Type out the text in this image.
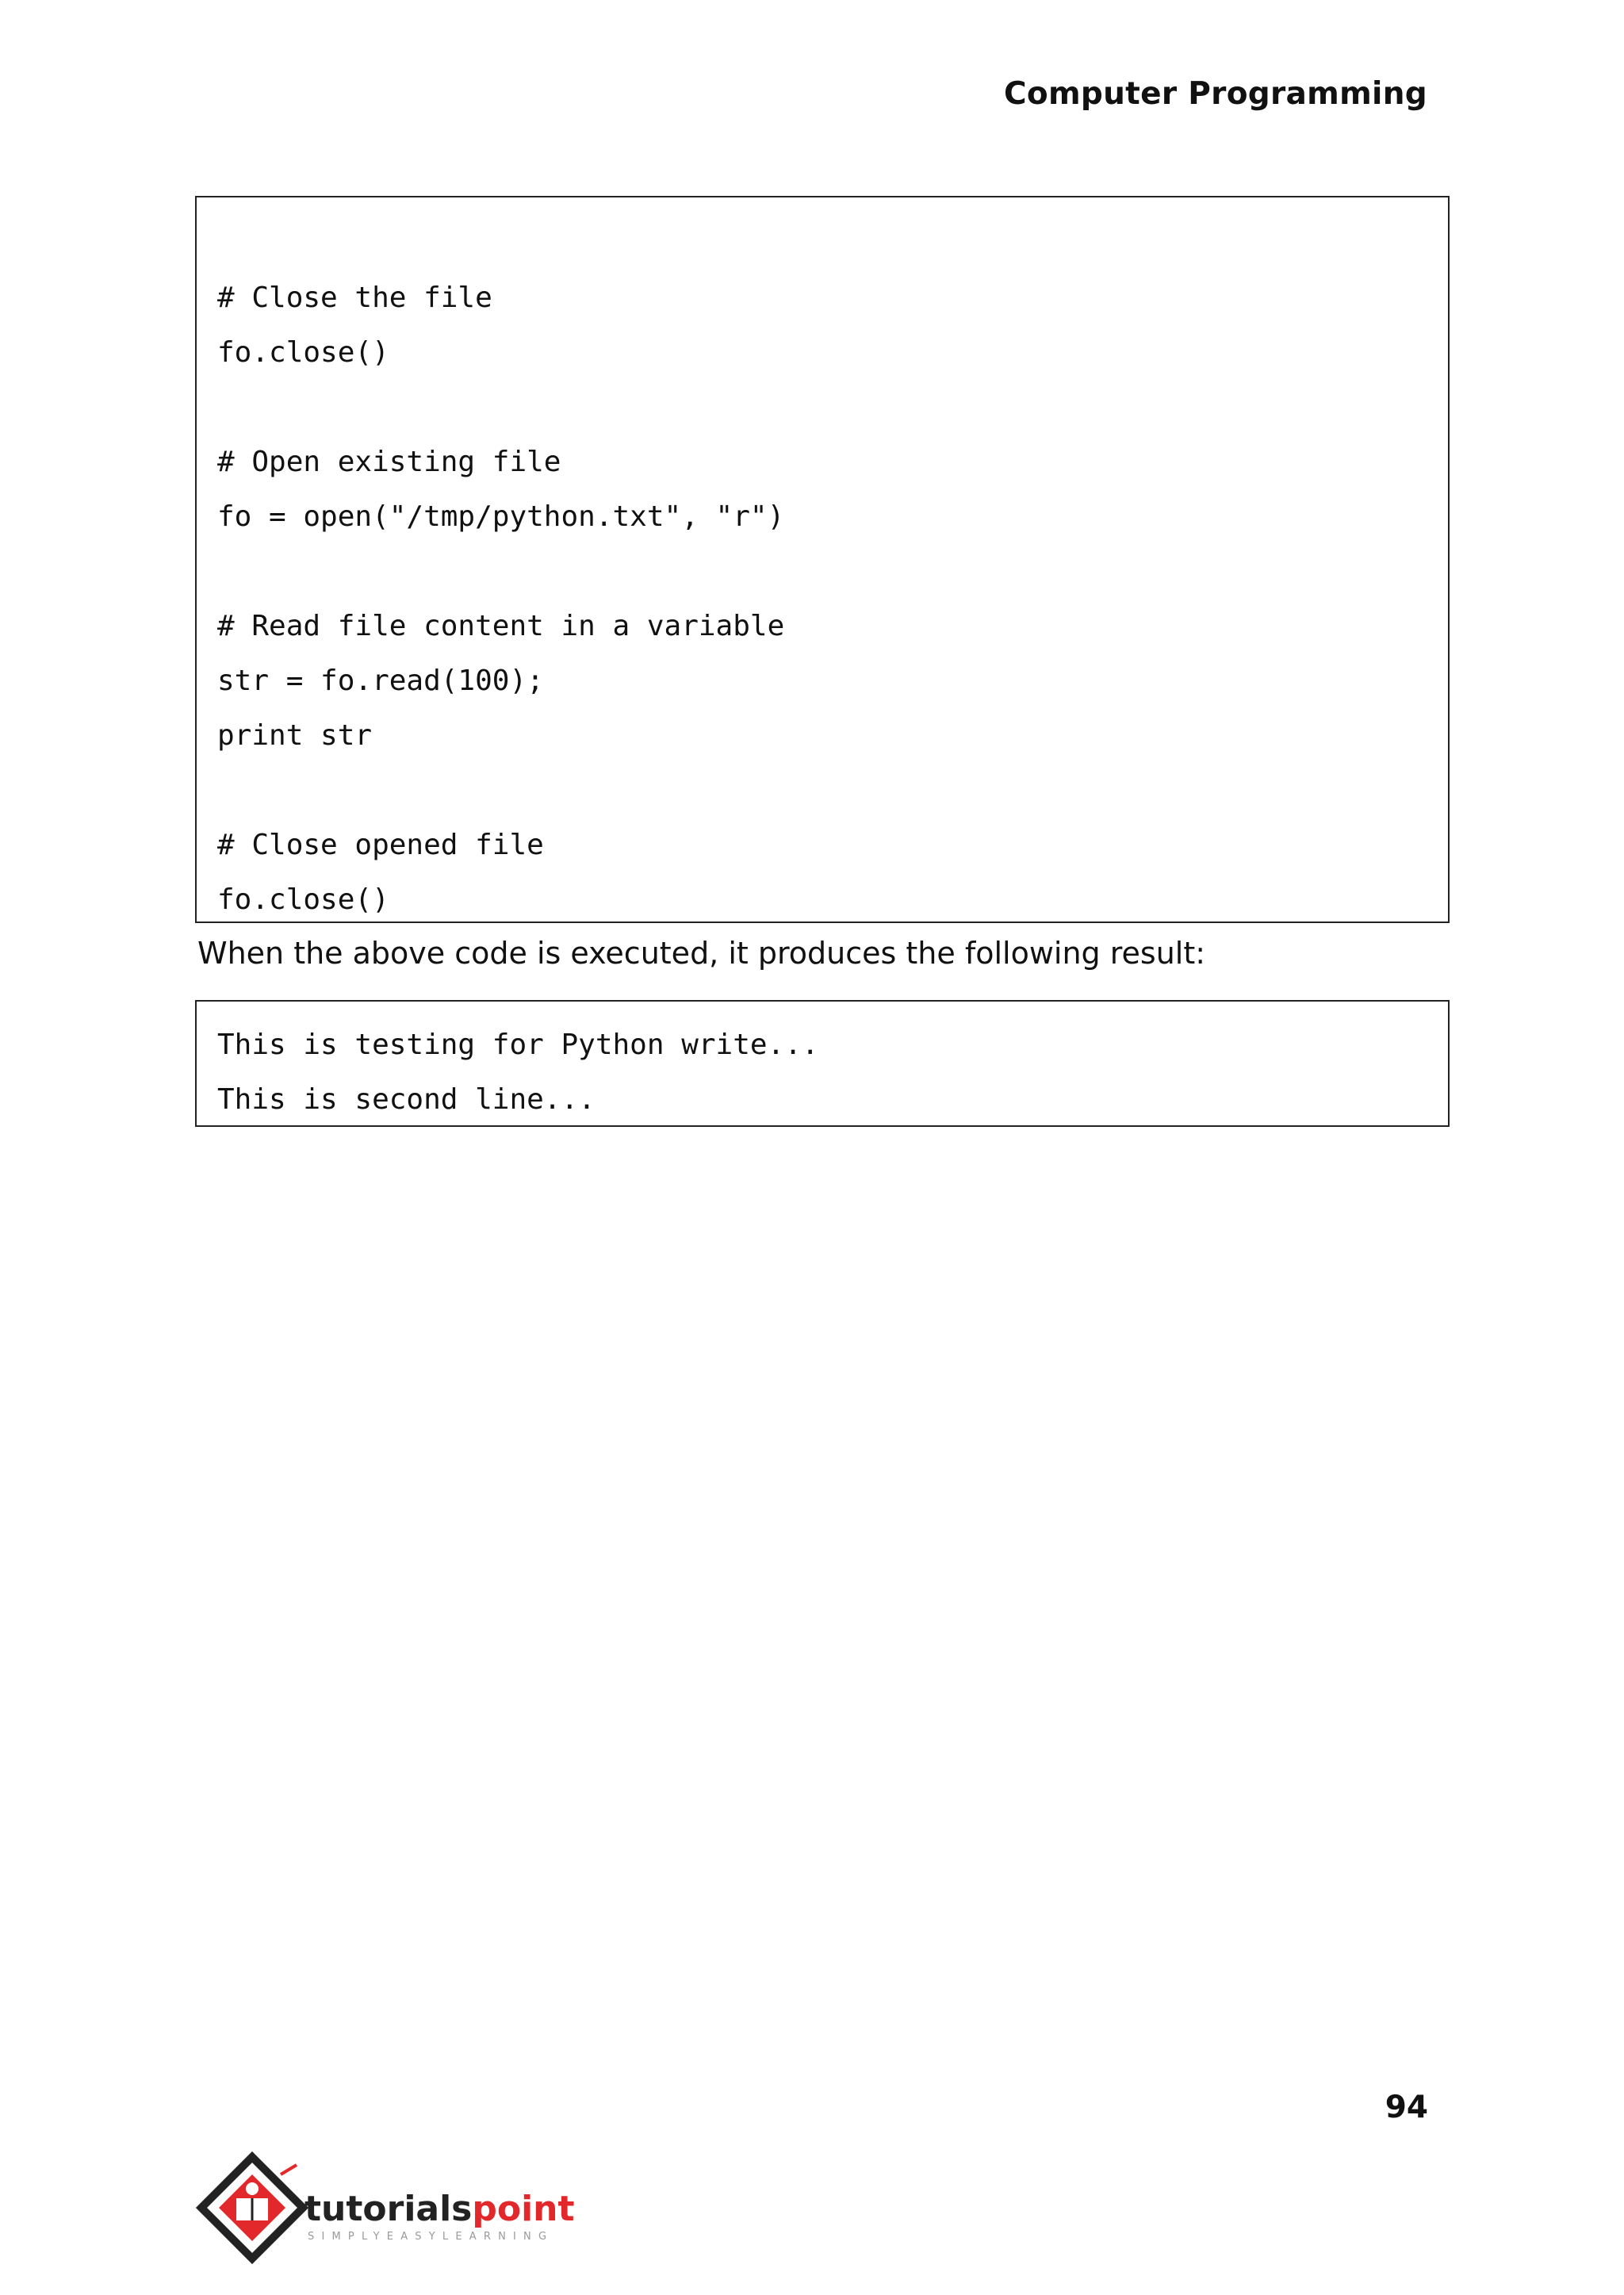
Computer Programming
# Close the file
fo.close()
# Open existing file
fo = open("/tmp/python.txt", "r")
# Read file content in a variable
str = fo.read(100);
print str
# Close opened file
fo.close()
When the above code is executed, it produces the following result:
This is testing for Python write...
This is second line...
94
tutorialspoint
SIMPLYEASYLEARNING
